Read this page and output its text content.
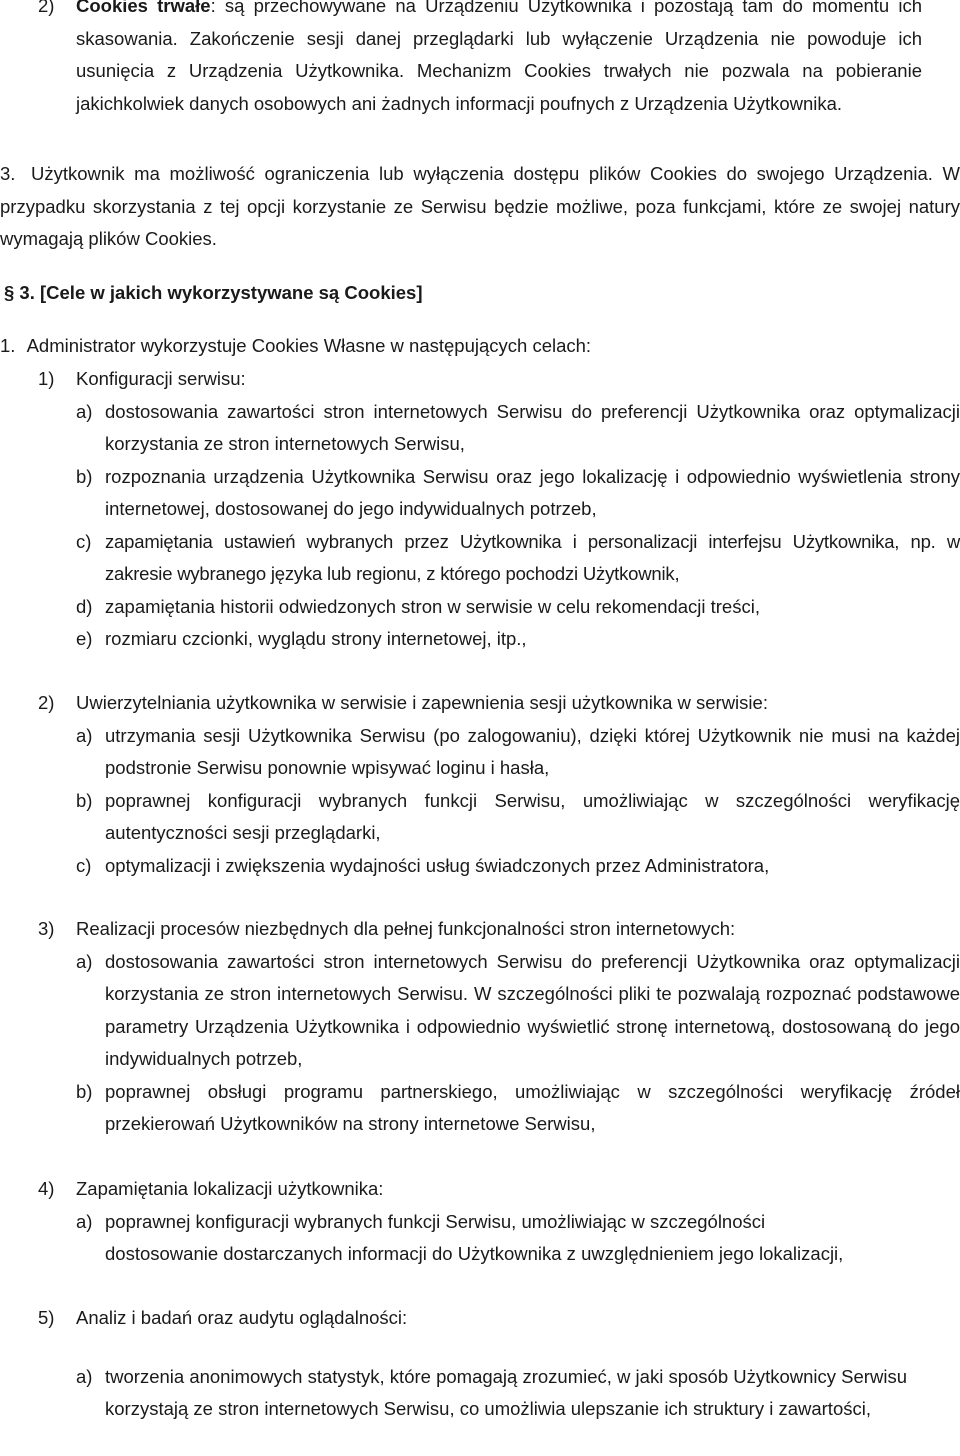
2)	Cookies trwałe: są przechowywane na Urządzeniu Użytkownika i pozostają tam do momentu ich skasowania. Zakończenie sesji danej przeglądarki lub wyłączenie Urządzenia nie powoduje ich usunięcia z Urządzenia Użytkownika. Mechanizm Cookies trwałych nie pozwala na pobieranie jakichkolwiek danych osobowych ani żadnych informacji poufnych z Urządzenia Użytkownika.
3. Użytkownik ma możliwość ograniczenia lub wyłączenia dostępu plików Cookies do swojego Urządzenia. W przypadku skorzystania z tej opcji korzystanie ze Serwisu będzie możliwe, poza funkcjami, które ze swojej natury wymagają plików Cookies.
§ 3. [Cele w jakich wykorzystywane są Cookies]
1. Administrator wykorzystuje Cookies Własne w następujących celach:
1)	Konfiguracji serwisu:
a) dostosowania zawartości stron internetowych Serwisu do preferencji Użytkownika oraz optymalizacji korzystania ze stron internetowych Serwisu,
b) rozpoznania urządzenia Użytkownika Serwisu oraz jego lokalizację i odpowiednio wyświetlenia strony internetowej, dostosowanej do jego indywidualnych potrzeb,
c) zapamiętania ustawień wybranych przez Użytkownika i personalizacji interfejsu Użytkownika, np. w zakresie wybranego języka lub regionu, z którego pochodzi Użytkownik,
d) zapamiętania historii odwiedzonych stron w serwisie w celu rekomendacji treści,
e) rozmiaru czcionki, wyglądu strony internetowej, itp.,
2)	Uwierzytelniania użytkownika w serwisie i zapewnienia sesji użytkownika w serwisie:
a) utrzymania sesji Użytkownika Serwisu (po zalogowaniu), dzięki której Użytkownik nie musi na każdej podstronie Serwisu ponownie wpisywać loginu i hasła,
b) poprawnej konfiguracji wybranych funkcji Serwisu, umożliwiając w szczególności weryfikację autentyczności sesji przeglądarki,
c) optymalizacji i zwiększenia wydajności usług świadczonych przez Administratora,
3)	Realizacji procesów niezbędnych dla pełnej funkcjonalności stron internetowych:
a) dostosowania zawartości stron internetowych Serwisu do preferencji Użytkownika oraz optymalizacji korzystania ze stron internetowych Serwisu. W szczególności pliki te pozwalają rozpoznać podstawowe parametry Urządzenia Użytkownika i odpowiednio wyświetlić stronę internetową, dostosowaną do jego indywidualnych potrzeb,
b) poprawnej obsługi programu partnerskiego, umożliwiając w szczególności weryfikację źródeł przekierowań Użytkowników na strony internetowe Serwisu,
4)	Zapamiętania lokalizacji użytkownika:
a) poprawnej konfiguracji wybranych funkcji Serwisu, umożliwiając w szczególności
dostosowanie dostarczanych informacji do Użytkownika z uwzględnieniem jego lokalizacji,
5)	Analiz i badań oraz audytu oglądalności:
a) tworzenia anonimowych statystyk, które pomagają zrozumieć, w jaki sposób Użytkownicy Serwisu korzystają ze stron internetowych Serwisu, co umożliwia ulepszanie ich struktury i zawartości,
